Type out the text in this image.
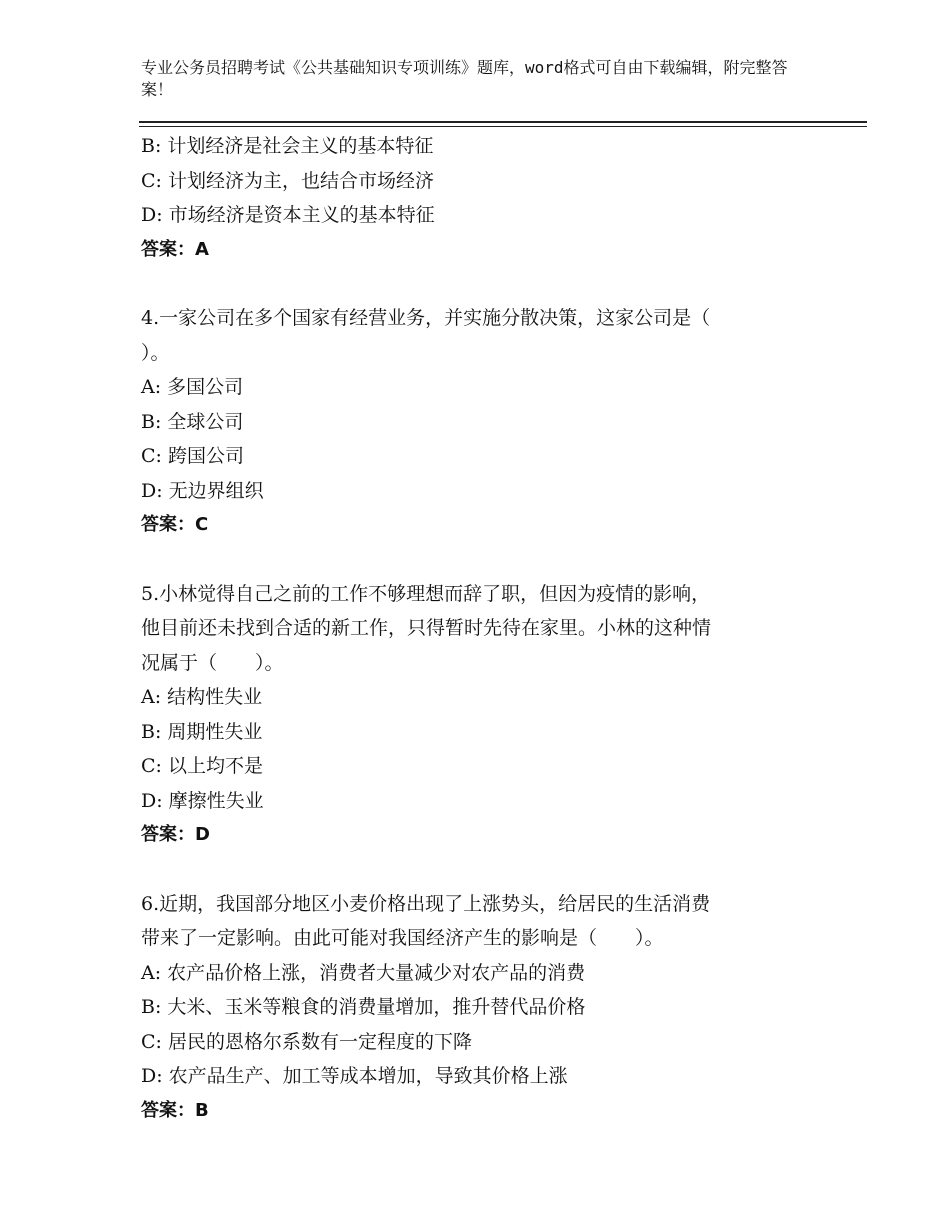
专业公务员招聘考试《公共基础知识专项训练》题库，word格式可自由下载编辑，附完整答案！
B: 计划经济是社会主义的基本特征
C: 计划经济为主，也结合市场经济
D: 市场经济是资本主义的基本特征
答案：A
4.一家公司在多个国家有经营业务，并实施分散决策，这家公司是（
）。
A: 多国公司
B: 全球公司
C: 跨国公司
D: 无边界组织
答案：C
5.小林觉得自己之前的工作不够理想而辞了职，但因为疫情的影响，
他目前还未找到合适的新工作，只得暂时先待在家里。小林的这种情
况属于（　　）。
A: 结构性失业
B: 周期性失业
C: 以上均不是
D: 摩擦性失业
答案：D
6.近期，我国部分地区小麦价格出现了上涨势头，给居民的生活消费
带来了一定影响。由此可能对我国经济产生的影响是（　　）。
A: 农产品价格上涨，消费者大量减少对农产品的消费
B: 大米、玉米等粮食的消费量增加，推升替代品价格
C: 居民的恩格尔系数有一定程度的下降
D: 农产品生产、加工等成本增加，导致其价格上涨
答案：B
